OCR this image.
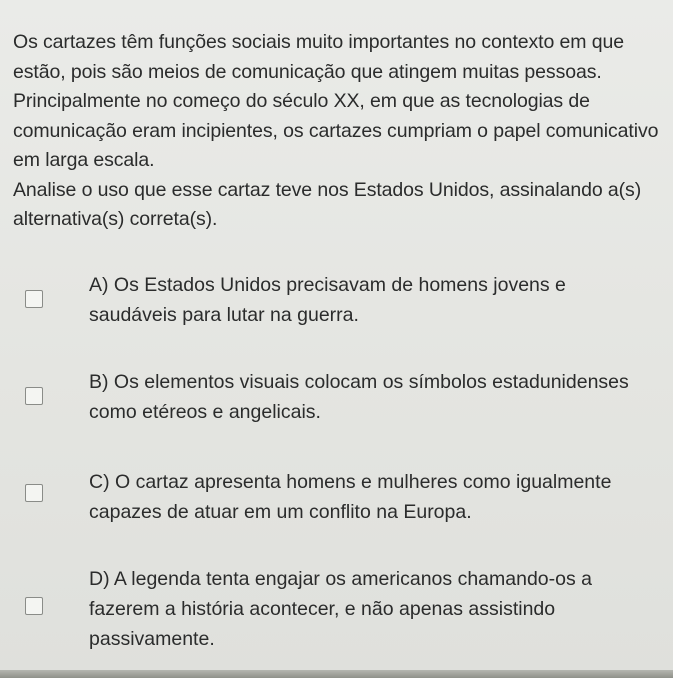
Os cartazes têm funções sociais muito importantes no contexto em que estão, pois são meios de comunicação que atingem muitas pessoas. Principalmente no começo do século XX, em que as tecnologias de comunicação eram incipientes, os cartazes cumpriam o papel comunicativo em larga escala.

Analise o uso que esse cartaz teve nos Estados Unidos, assinalando a(s) alternativa(s) correta(s).

A) Os Estados Unidos precisavam de homens jovens e saudáveis para lutar na guerra.

B) Os elementos visuais colocam os símbolos estadunidenses como etéreos e angelicais.

C) O cartaz apresenta homens e mulheres como igualmente capazes de atuar em um conflito na Europa.

D) A legenda tenta engajar os americanos chamando-os a fazerem a história acontecer, e não apenas assistindo passivamente.
